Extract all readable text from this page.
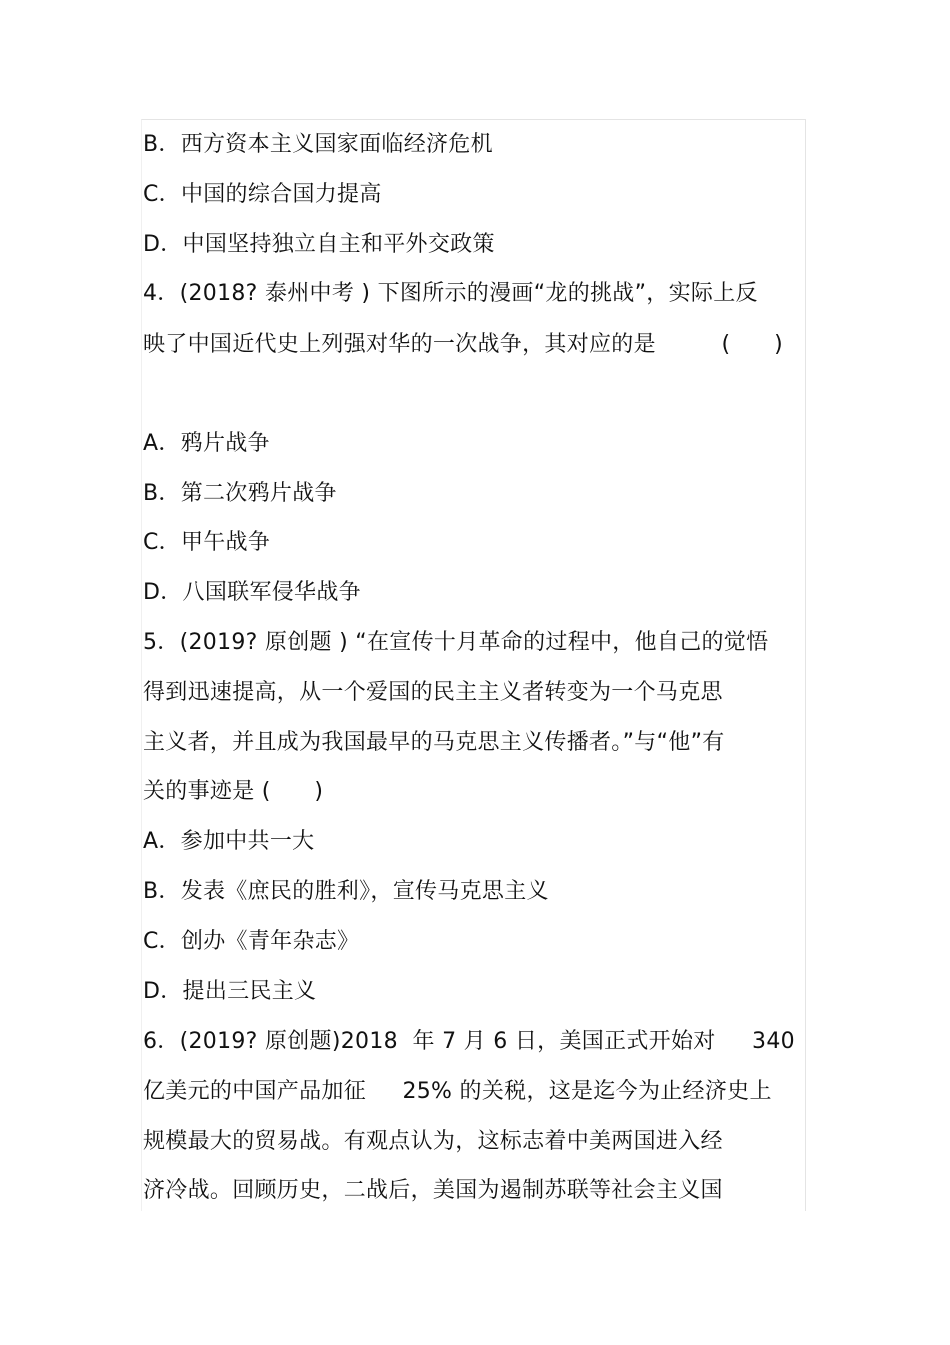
B．西方资本主义国家面临经济危机
C．中国的综合国力提高
D．中国坚持独立自主和平外交政策
4．(2018? 泰州中考 ) 下图所示的漫画“龙的挑战”，实际上反
映了中国近代史上列强对华的一次战争，其对应的是         (      )
A．鸦片战争
B．第二次鸦片战争
C．甲午战争
D．八国联军侵华战争
5．(2019? 原创题 ) “在宣传十月革命的过程中，他自己的觉悟
得到迅速提高，从一个爱国的民主主义者转变为一个马克思
主义者，并且成为我国最早的马克思主义传播者。”与“他”有
关的事迹是 (      )
A．参加中共一大
B．发表《庶民的胜利》，宣传马克思主义
C．创办《青年杂志》
D．提出三民主义
6．(2019? 原创题)2018  年 7 月 6 日，美国正式开始对     340
亿美元的中国产品加征     25% 的关税，这是迄今为止经济史上
规模最大的贸易战。有观点认为，这标志着中美两国进入经
济冷战。回顾历史，二战后，美国为遏制苏联等社会主义国
